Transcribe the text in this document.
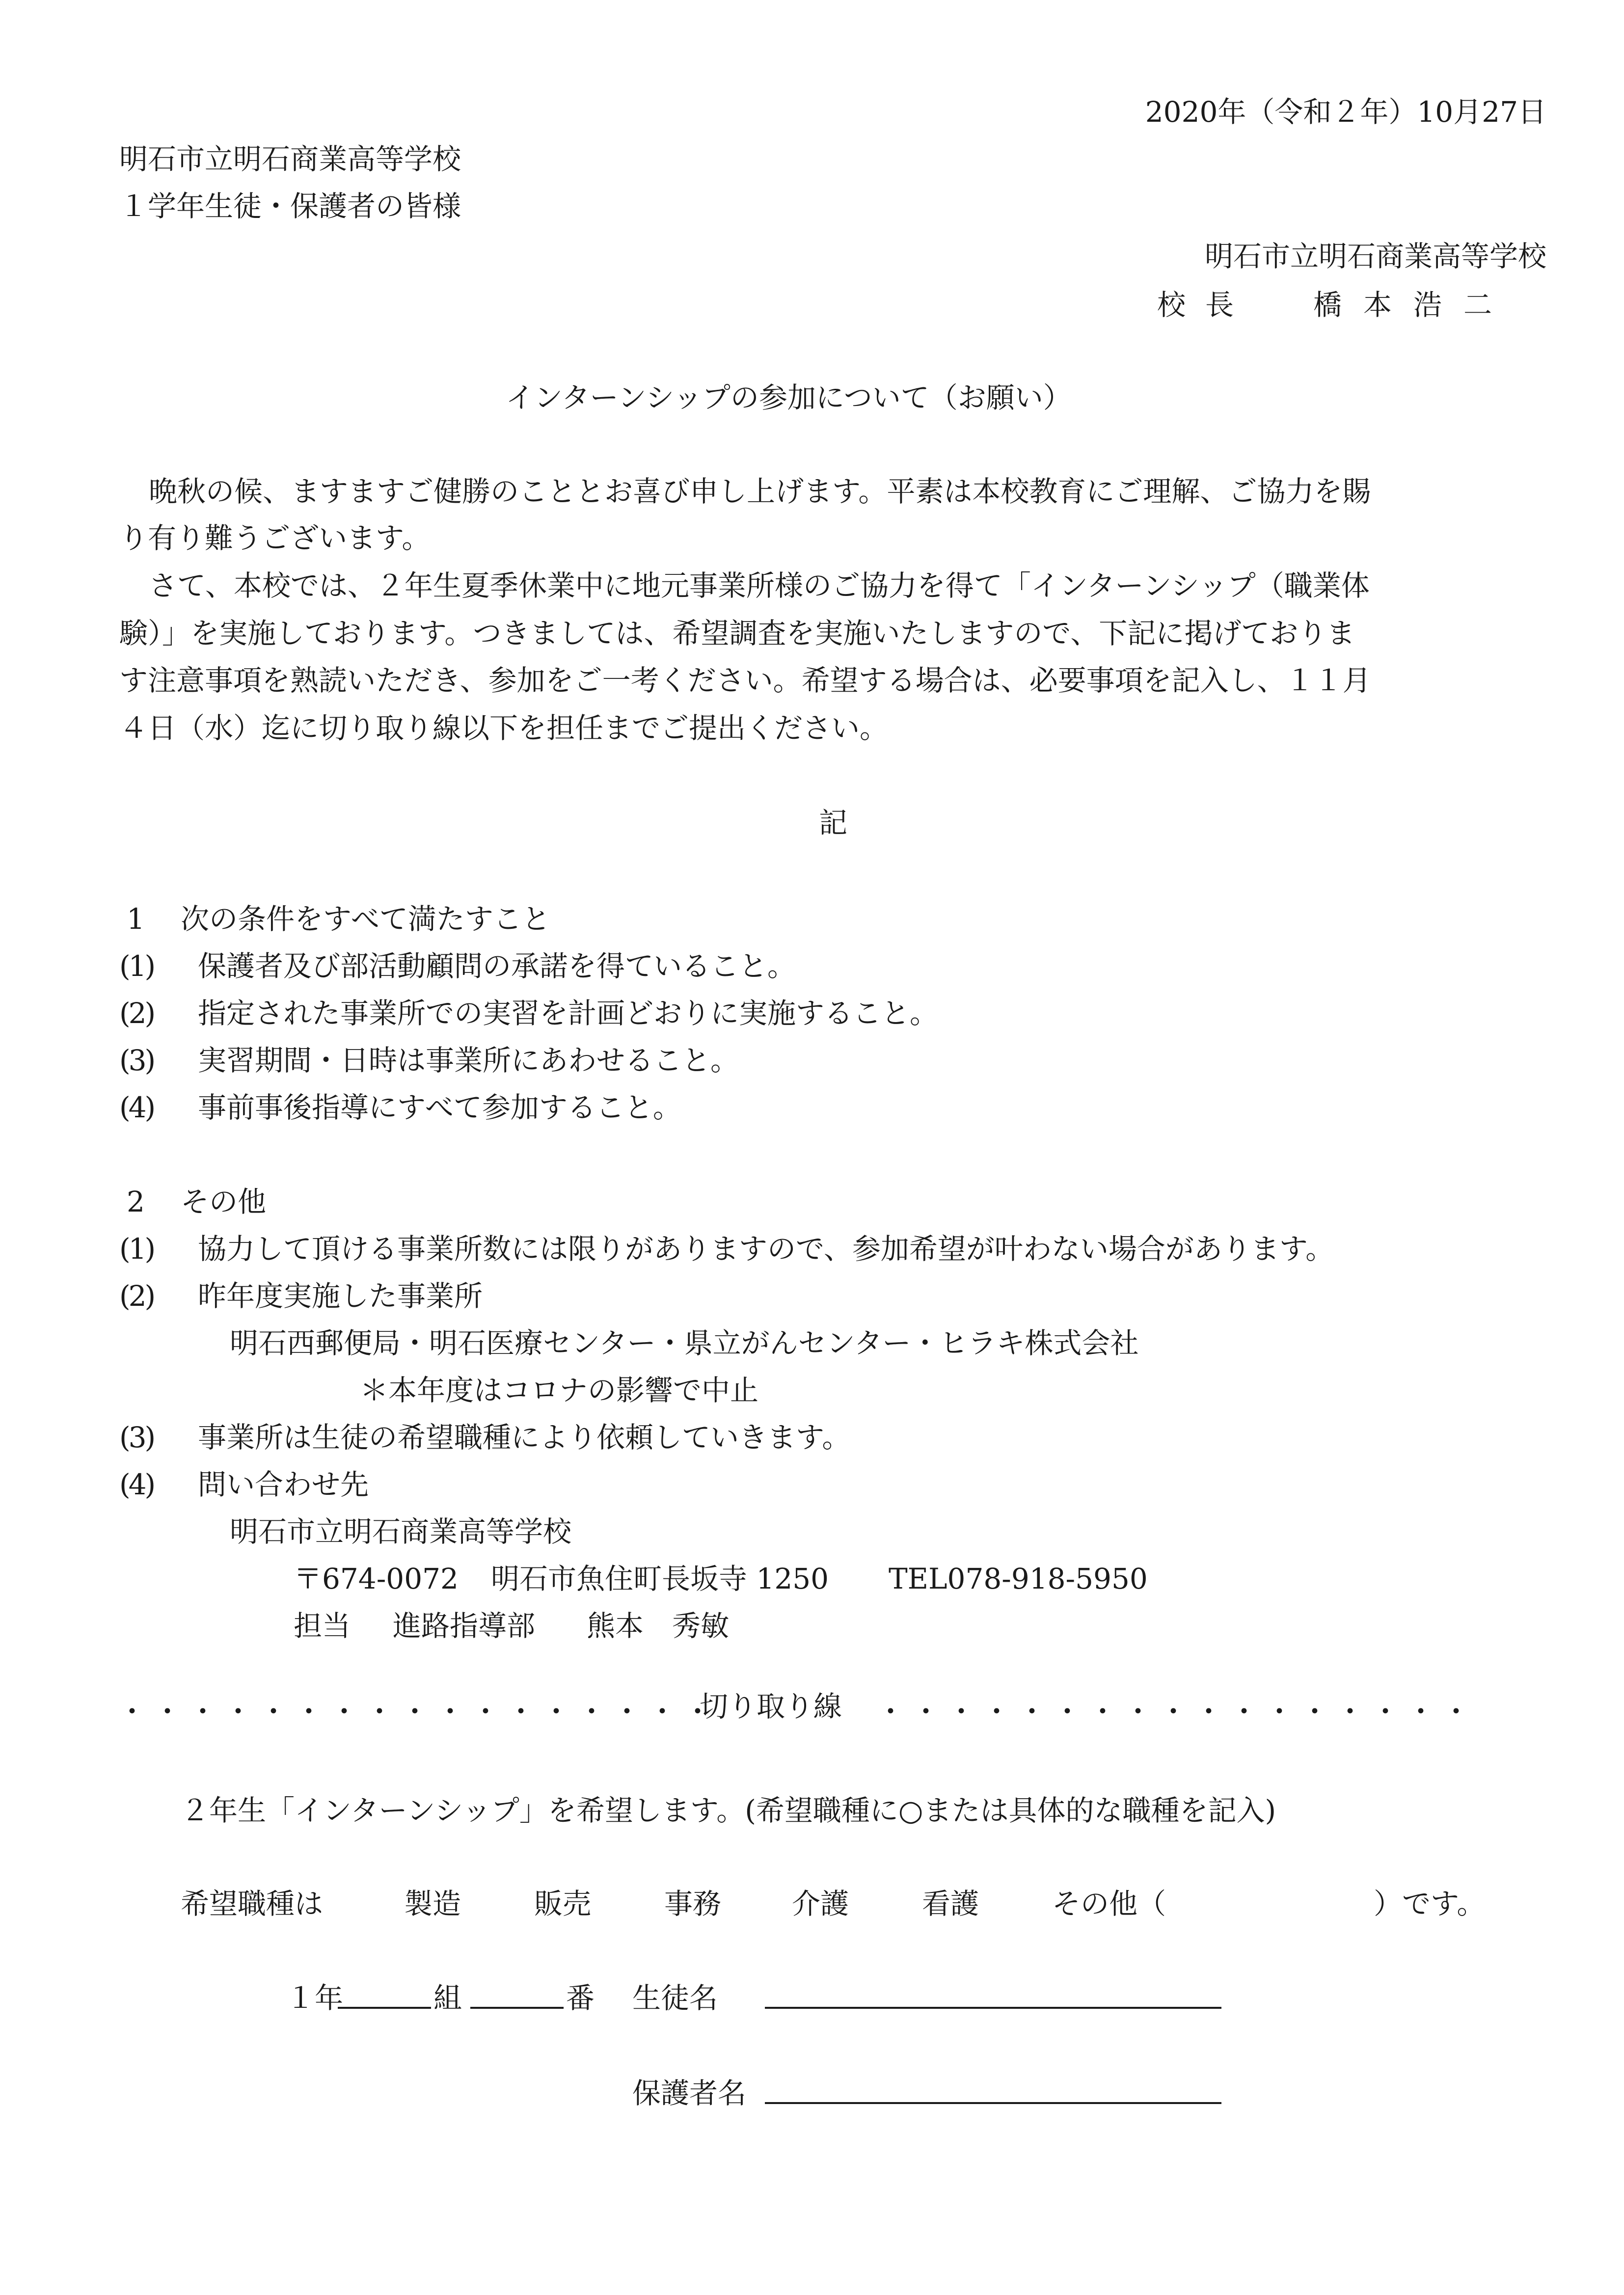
2020年（令和２年）10月27日
明石市立明石商業高等学校
１学年生徒・保護者の皆様
明石市立明石商業高等学校
校長 橋本浩二
インターンシップの参加について（お願い）
晩秋の候、ますますご健勝のこととお喜び申し上げます。平素は本校教育にご理解、ご協力を賜
り有り難うございます。
さて、本校では、２年生夏季休業中に地元事業所様のご協力を得て「インターンシップ（職業体
験）」を実施しております。つきましては、希望調査を実施いたしますので、下記に掲げておりま
す注意事項を熟読いただき、参加をご一考ください。希望する場合は、必要事項を記入し、１１月
４日（水）迄に切り取り線以下を担任までご提出ください。
記
1 次の条件をすべて満たすこと
(1) 保護者及び部活動顧問の承諾を得ていること。
(2) 指定された事業所での実習を計画どおりに実施すること。
(3) 実習期間・日時は事業所にあわせること。
(4) 事前事後指導にすべて参加すること。
2 その他
(1) 協力して頂ける事業所数には限りがありますので、参加希望が叶わない場合があります。
(2) 昨年度実施した事業所
明石西郵便局・明石医療センター・県立がんセンター・ヒラキ株式会社
＊本年度はコロナの影響で中止
(3) 事業所は生徒の希望職種により依頼していきます。
(4) 問い合わせ先
明石市立明石商業高等学校
〒674-0072 明石市魚住町長坂寺 1250 TEL078-918-5950
担当 進路指導部 熊本　秀敏
・・・・・・・・・・・・・・・・・
切り取り線 ・・・・・・・・・・・・・・・・・
２年生「インターンシップ」を希望します。(希望職種に○または具体的な職種を記入)
希望職種は	製造	販売	事務 介護	看護	その他（	）です。
１年	組	番 生徒名
保護者名
